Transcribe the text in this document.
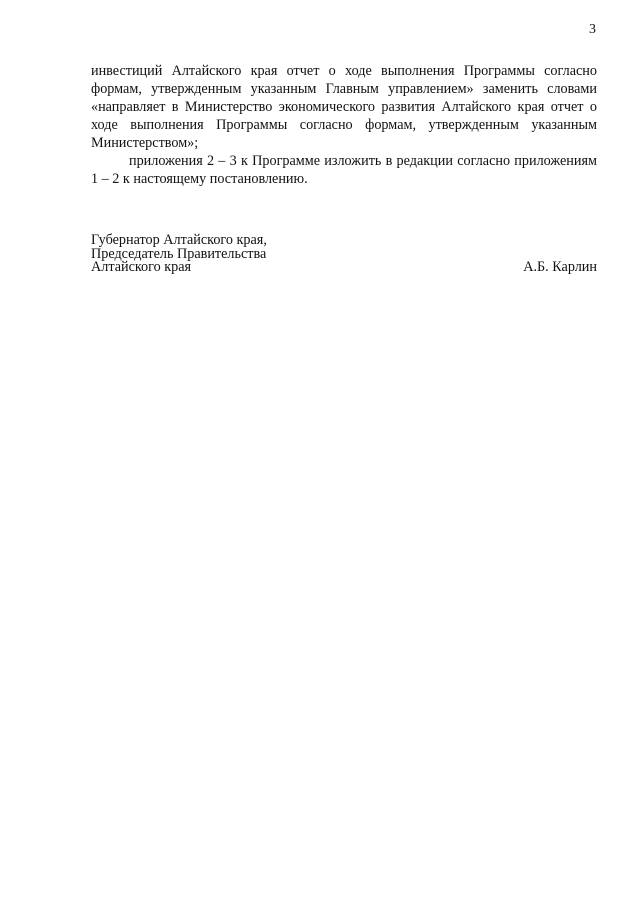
3

инвестиций Алтайского края отчет о ходе выполнения Программы согласно формам, утвержденным указанным Главным управлением» заменить словами «направляет в Министерство экономического развития Алтайского края отчет о ходе выполнения Программы согласно формам, утвержденным указанным Министерством»;

приложения 2 – 3 к Программе изложить в редакции согласно приложениям 1 – 2 к настоящему постановлению.

Губернатор Алтайского края,
Председатель Правительства
Алтайского края	А.Б. Карлин
